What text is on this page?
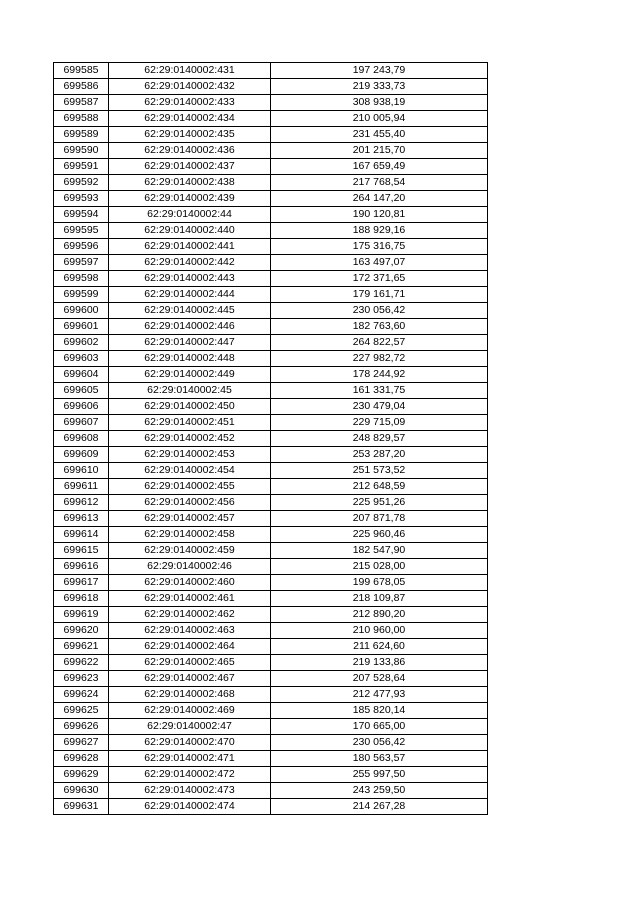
699585	62:29:0140002:431	197 243,79
699586	62:29:0140002:432	219 333,73
699587	62:29:0140002:433	308 938,19
699588	62:29:0140002:434	210 005,94
699589	62:29:0140002:435	231 455,40
699590	62:29:0140002:436	201 215,70
699591	62:29:0140002:437	167 659,49
699592	62:29:0140002:438	217 768,54
699593	62:29:0140002:439	264 147,20
699594	62:29:0140002:44	190 120,81
699595	62:29:0140002:440	188 929,16
699596	62:29:0140002:441	175 316,75
699597	62:29:0140002:442	163 497,07
699598	62:29:0140002:443	172 371,65
699599	62:29:0140002:444	179 161,71
699600	62:29:0140002:445	230 056,42
699601	62:29:0140002:446	182 763,60
699602	62:29:0140002:447	264 822,57
699603	62:29:0140002:448	227 982,72
699604	62:29:0140002:449	178 244,92
699605	62:29:0140002:45	161 331,75
699606	62:29:0140002:450	230 479,04
699607	62:29:0140002:451	229 715,09
699608	62:29:0140002:452	248 829,57
699609	62:29:0140002:453	253 287,20
699610	62:29:0140002:454	251 573,52
699611	62:29:0140002:455	212 648,59
699612	62:29:0140002:456	225 951,26
699613	62:29:0140002:457	207 871,78
699614	62:29:0140002:458	225 960,46
699615	62:29:0140002:459	182 547,90
699616	62:29:0140002:46	215 028,00
699617	62:29:0140002:460	199 678,05
699618	62:29:0140002:461	218 109,87
699619	62:29:0140002:462	212 890,20
699620	62:29:0140002:463	210 960,00
699621	62:29:0140002:464	211 624,60
699622	62:29:0140002:465	219 133,86
699623	62:29:0140002:467	207 528,64
699624	62:29:0140002:468	212 477,93
699625	62:29:0140002:469	185 820,14
699626	62:29:0140002:47	170 665,00
699627	62:29:0140002:470	230 056,42
699628	62:29:0140002:471	180 563,57
699629	62:29:0140002:472	255 997,50
699630	62:29:0140002:473	243 259,50
699631	62:29:0140002:474	214 267,28
